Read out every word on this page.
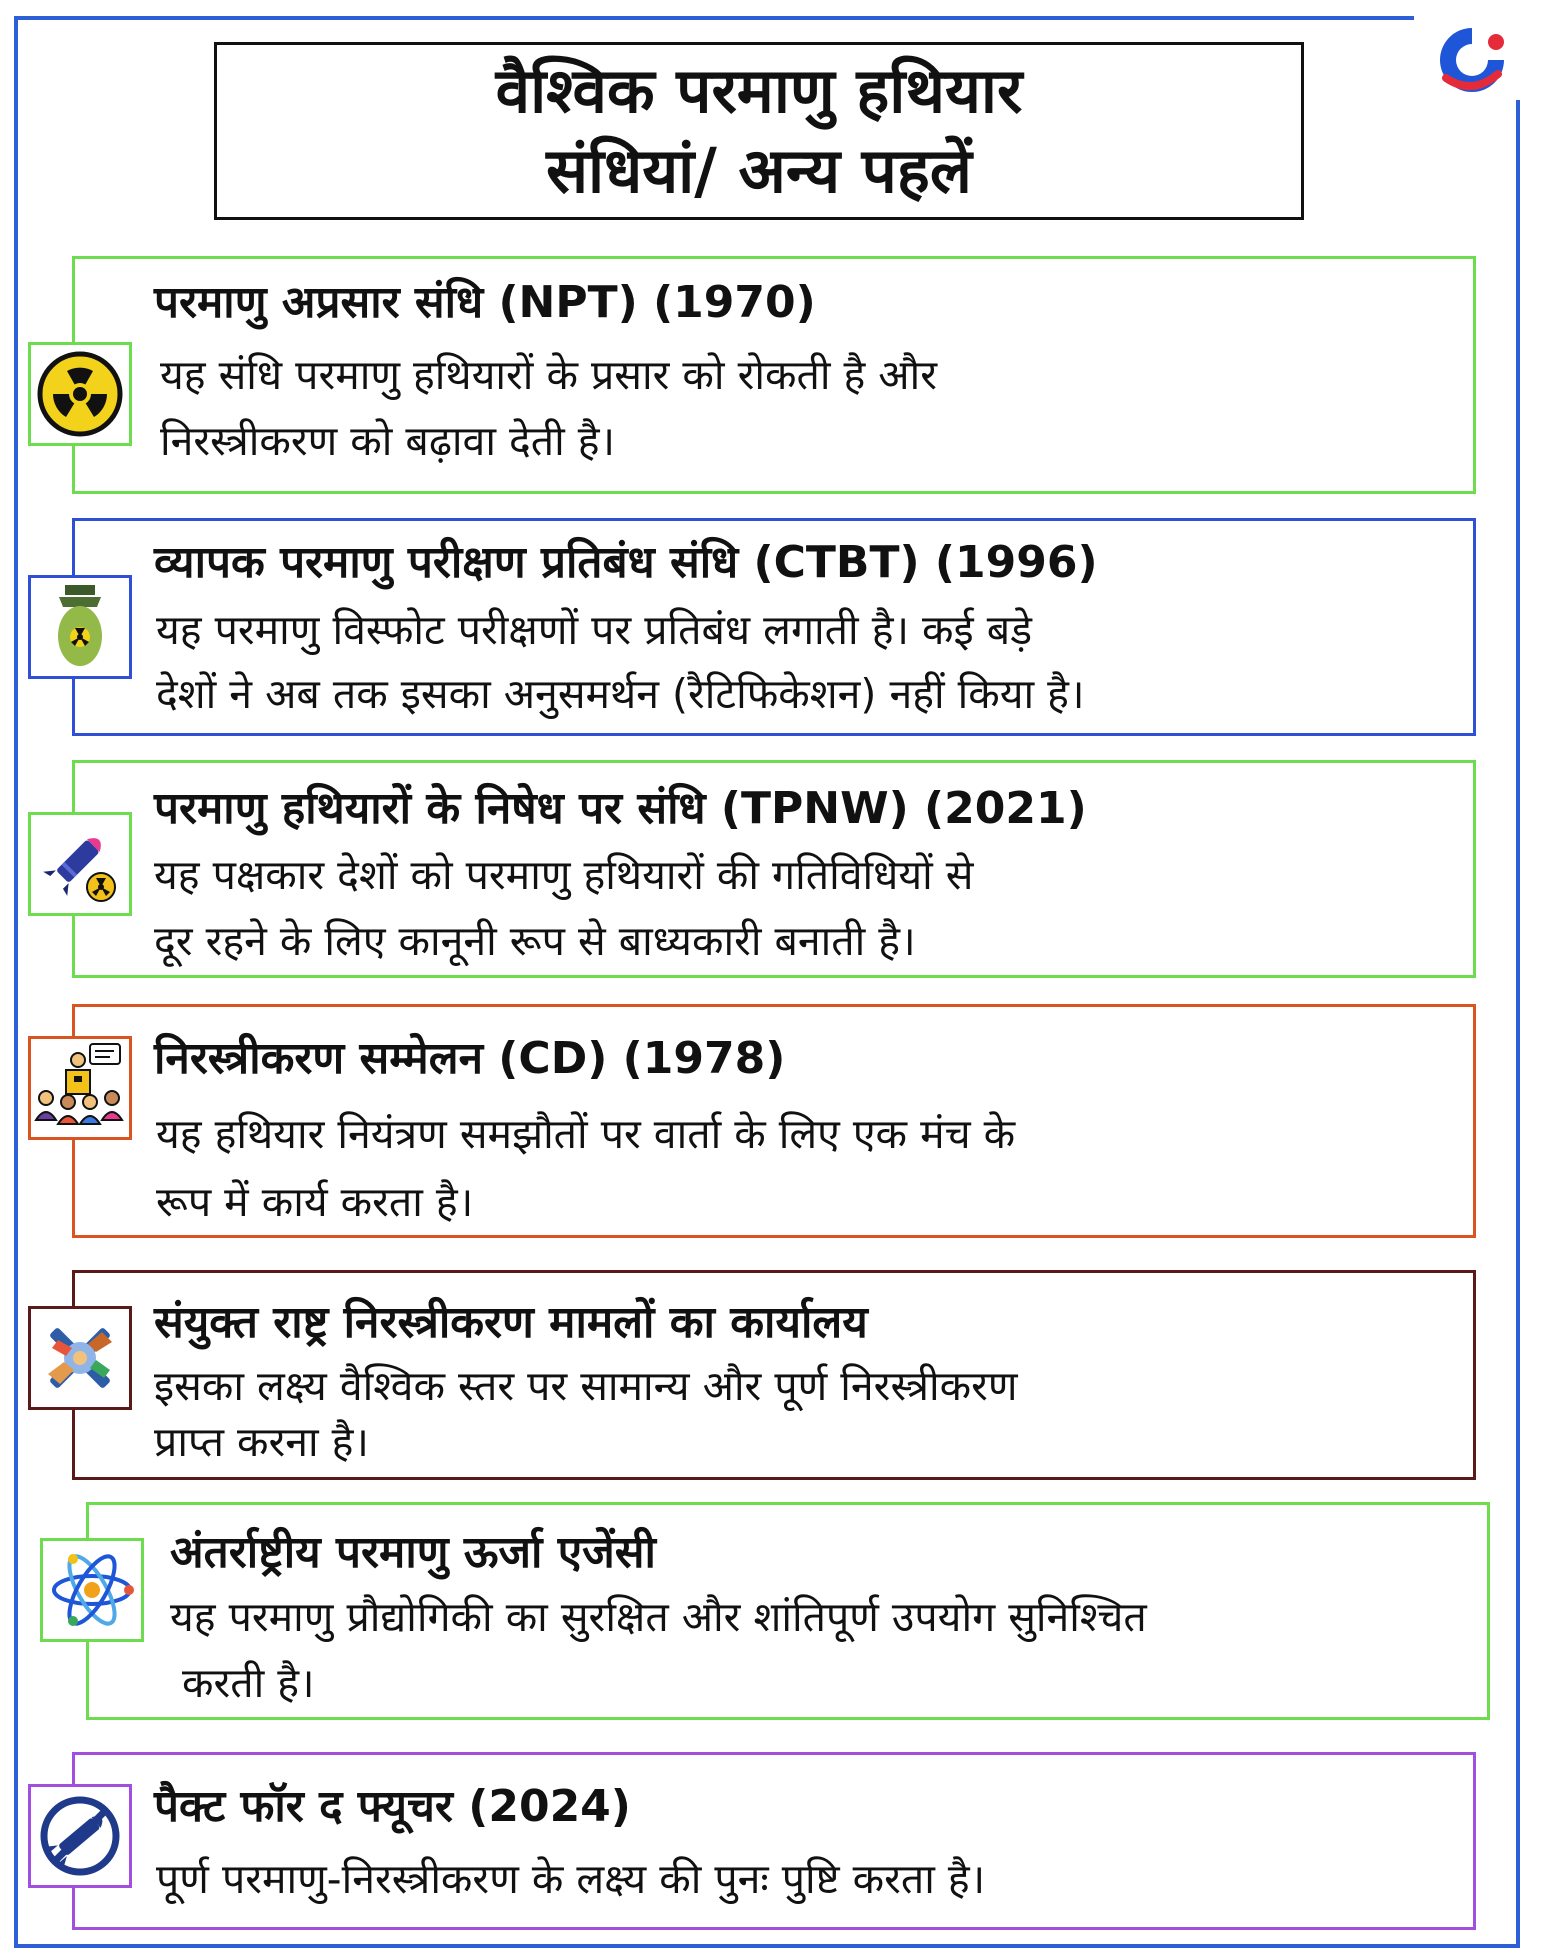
वैश्विक परमाणु हथियार
संधियां/ अन्य पहलें
परमाणु अप्रसार संधि (NPT) (1970)
यह संधि परमाणु हथियारों के प्रसार को रोकती है और
निरस्त्रीकरण को बढ़ावा देती है।
व्यापक परमाणु परीक्षण प्रतिबंध संधि (CTBT) (1996)
यह परमाणु विस्फोट परीक्षणों पर प्रतिबंध लगाती है। कई बड़े
देशों ने अब तक इसका अनुसमर्थन (रैटिफिकेशन) नहीं किया है।
परमाणु हथियारों के निषेध पर संधि (TPNW) (2021)
यह पक्षकार देशों को परमाणु हथियारों की गतिविधियों से
दूर रहने के लिए कानूनी रूप से बाध्यकारी बनाती है।
निरस्त्रीकरण सम्मेलन (CD) (1978)
यह हथियार नियंत्रण समझौतों पर वार्ता के लिए एक मंच के
रूप में कार्य करता है।
संयुक्त राष्ट्र निरस्त्रीकरण मामलों का कार्यालय
इसका लक्ष्य वैश्विक स्तर पर सामान्य और पूर्ण निरस्त्रीकरण
प्राप्त करना है।
अंतर्राष्ट्रीय परमाणु ऊर्जा एजेंसी
यह परमाणु प्रौद्योगिकी का सुरक्षित और शांतिपूर्ण उपयोग सुनिश्चित
करती है।
पैक्ट फॉर द फ्यूचर (2024)
पूर्ण परमाणु-निरस्त्रीकरण के लक्ष्य की पुनः पुष्टि करता है।
